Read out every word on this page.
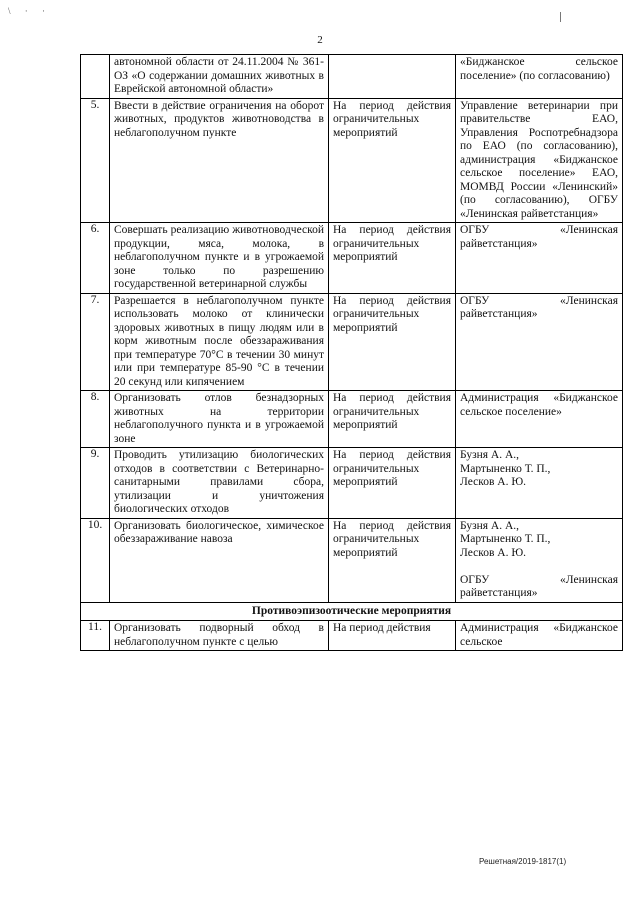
\ · ·
2
	автономной области от 24.11.2004 № 361-ОЗ «О содержании домашних животных в Еврейской автономной области»		«Биджанское сельское поселение» (по согласованию)
5.	Ввести в действие ограничения на оборот животных, продуктов животноводства в неблагополучном пункте	На период действия ограничительных мероприятий	Управление ветеринарии при правительстве ЕАО, Управления Роспотребнадзора по ЕАО (по согласованию), администрация «Биджанское сельское поселение» ЕАО, МОМВД России «Ленинский» (по согласованию), ОГБУ «Ленинская райветстанция»
6.	Совершать реализацию животноводческой продукции, мяса, молока, в неблагополучном пункте и в угрожаемой зоне только по разрешению государственной ветеринарной службы	На период действия ограничительных мероприятий	ОГБУ «Ленинская райветстанция»
7.	Разрешается в неблагополучном пункте использовать молоко от клинически здоровых животных в пищу людям или в корм животным после обеззараживания при температуре 70°С в течении 30 минут или при температуре 85-90 °С в течении 20 секунд или кипячением	На период действия ограничительных мероприятий	ОГБУ «Ленинская райветстанция»
8.	Организовать отлов безнадзорных животных на территории неблагополучного пункта и в угрожаемой зоне	На период действия ограничительных мероприятий	Администрация «Биджанское сельское поселение»
9.	Проводить утилизацию биологических отходов в соответствии с Ветеринарно-санитарными правилами сбора, утилизации и уничтожения биологических отходов	На период действия ограничительных мероприятий	Бузня А. А.,
Мартыненко Т. П.,
Лесков А. Ю.
10.	Организовать биологическое, химическое обеззараживание навоза	На период действия ограничительных мероприятий	Бузня А. А.,
Мартыненко Т. П.,
Лесков А. Ю.

ОГБУ «Ленинская райветстанция»
Противоэпизоотические мероприятия			
11.	Организовать подворный обход в неблагополучном пункте с целью	На период действия	Администрация «Биджанское сельское
Решетная/2019-1817(1)
